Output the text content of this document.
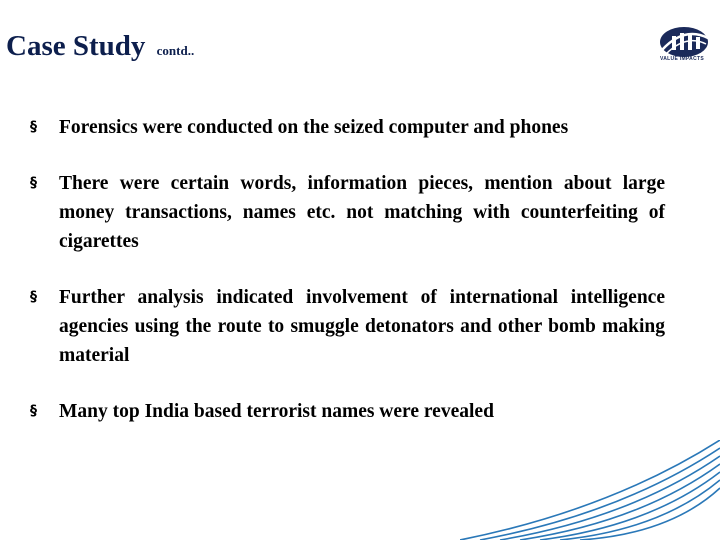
Case Study contd..
VALUE IMPACTS
§ Forensics were conducted on the seized computer and phones
§ There were certain words, information pieces, mention about large money transactions, names etc. not matching with counterfeiting of cigarettes
§ Further analysis indicated involvement of international intelligence agencies using the route to smuggle detonators and other bomb making material
§ Many top India based terrorist names were revealed
